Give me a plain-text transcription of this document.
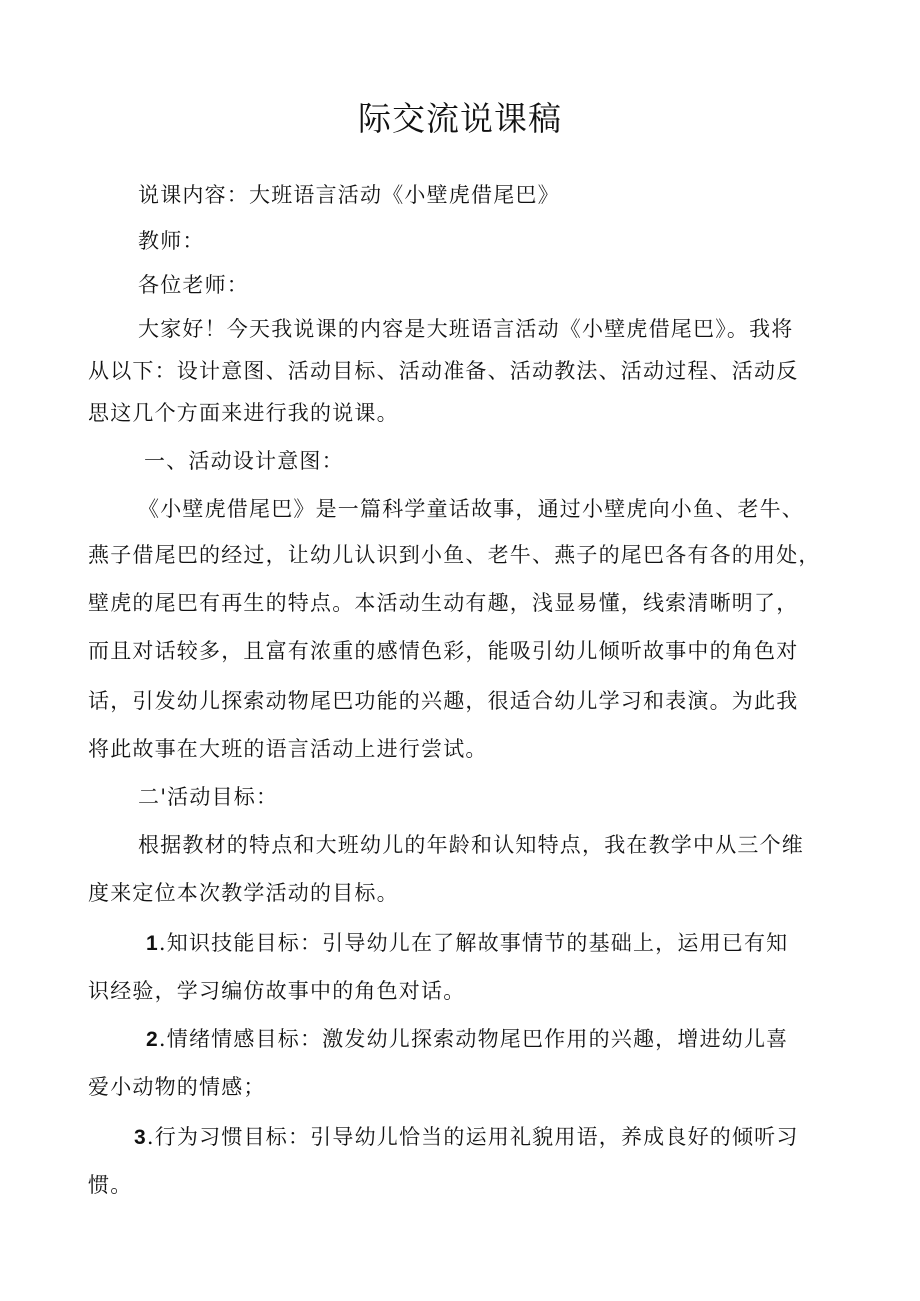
际交流说课稿
说课内容：大班语言活动《小壁虎借尾巴》
教师：
各位老师：
大家好！今天我说课的内容是大班语言活动《小壁虎借尾巴》。我将
从以下：设计意图、活动目标、活动准备、活动教法、活动过程、活动反
思这几个方面来进行我的说课。
一、活动设计意图：
《小壁虎借尾巴》是一篇科学童话故事，通过小壁虎向小鱼、老牛、
燕子借尾巴的经过，让幼儿认识到小鱼、老牛、燕子的尾巴各有各的用处，
壁虎的尾巴有再生的特点。本活动生动有趣，浅显易懂，线索清晰明了，
而且对话较多，且富有浓重的感情色彩，能吸引幼儿倾听故事中的角色对
话，引发幼儿探索动物尾巴功能的兴趣，很适合幼儿学习和表演。为此我
将此故事在大班的语言活动上进行尝试。
二'活动目标：
根据教材的特点和大班幼儿的年龄和认知特点，我在教学中从三个维
度来定位本次教学活动的目标。
1.知识技能目标：引导幼儿在了解故事情节的基础上，运用已有知
识经验，学习编仿故事中的角色对话。
2.情绪情感目标：激发幼儿探索动物尾巴作用的兴趣，增进幼儿喜
爱小动物的情感；
3.行为习惯目标：引导幼儿恰当的运用礼貌用语，养成良好的倾听习
惯。
